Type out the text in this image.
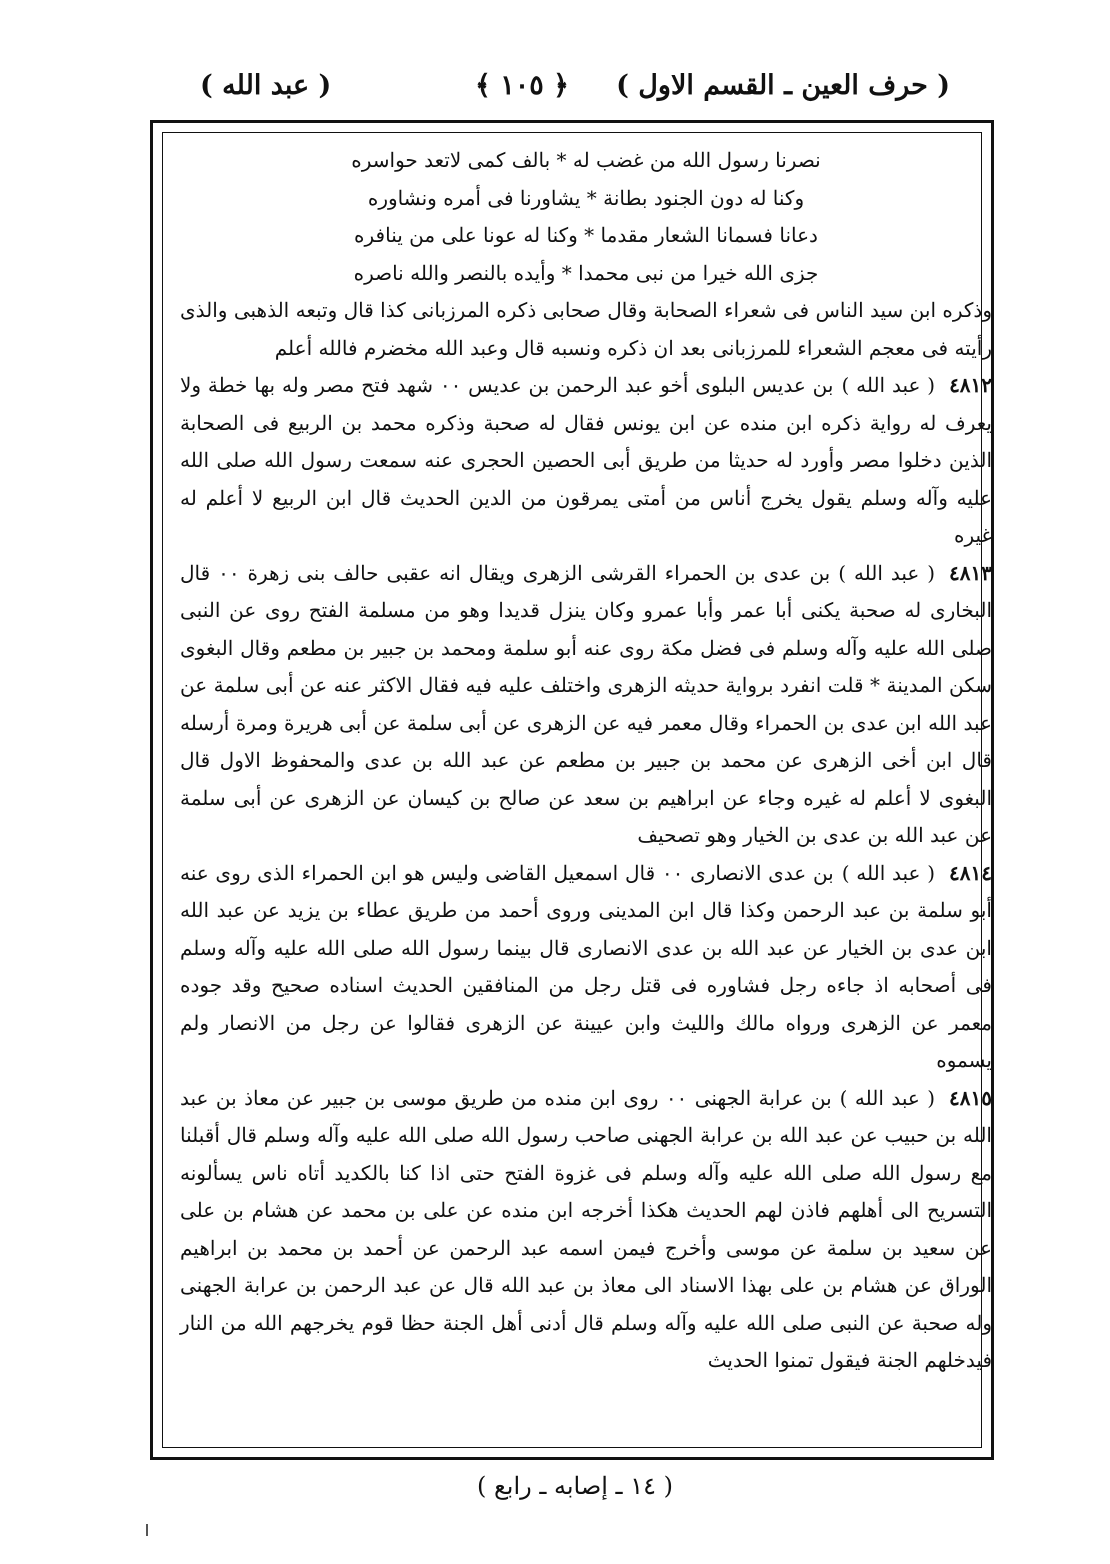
( حرف العين ـ القسم الاول )
﴿ ١٠٥ ﴾
( عبد الله )
نصرنا رسول الله من غضب له * بالف كمى لاتعد حواسره
وكنا له دون الجنود بطانة * يشاورنا فى أمره ونشاوره
دعانا فسمانا الشعار مقدما * وكنا له عونا على من ينافره
جزى الله خيرا من نبى محمدا * وأيده بالنصر والله ناصره
وذكره ابن سيد الناس فى شعراء الصحابة وقال صحابى ذكره المرزبانى كذا قال وتبعه الذهبى والذى رأيته فى معجم الشعراء للمرزبانى بعد ان ذكره ونسبه قال وعبد الله مخضرم فالله أعلم
٤٨١٢( عبد الله )بن عديس البلوى أخو عبد الرحمن بن عديس ٠٠ شهد فتح مصر وله بها خطة ولا يعرف له رواية ذكره ابن منده عن ابن يونس فقال له صحبة وذكره محمد بن الربيع فى الصحابة الذين دخلوا مصر وأورد له حديثا من طريق أبى الحصين الحجرى عنه سمعت رسول الله صلى الله عليه وآله وسلم يقول يخرج أناس من أمتى يمرقون من الدين الحديث قال ابن الربيع لا أعلم له غيره
٤٨١٣( عبد الله )بن عدى بن الحمراء القرشى الزهرى ويقال انه عقبى حالف بنى زهرة ٠٠ قال البخارى له صحبة يكنى أبا عمر وأبا عمرو وكان ينزل قديدا وهو من مسلمة الفتح روى عن النبى صلى الله عليه وآله وسلم فى فضل مكة روى عنه أبو سلمة ومحمد بن جبير بن مطعم وقال البغوى سكن المدينة * قلت انفرد برواية حديثه الزهرى واختلف عليه فيه فقال الاكثر عنه عن أبى سلمة عن عبد الله ابن عدى بن الحمراء وقال معمر فيه عن الزهرى عن أبى سلمة عن أبى هريرة ومرة أرسله قال ابن أخى الزهرى عن محمد بن جبير بن مطعم عن عبد الله بن عدى والمحفوظ الاول قال البغوى لا أعلم له غيره وجاء عن ابراهيم بن سعد عن صالح بن كيسان عن الزهرى عن أبى سلمة عن عبد الله بن عدى بن الخيار وهو تصحيف
٤٨١٤( عبد الله )بن عدى الانصارى ٠٠ قال اسمعيل القاضى وليس هو ابن الحمراء الذى روى عنه أبو سلمة بن عبد الرحمن وكذا قال ابن المدينى وروى أحمد من طريق عطاء بن يزيد عن عبد الله ابن عدى بن الخيار عن عبد الله بن عدى الانصارى قال بينما رسول الله صلى الله عليه وآله وسلم فى أصحابه اذ جاءه رجل فشاوره فى قتل رجل من المنافقين الحديث اسناده صحيح وقد جوده معمر عن الزهرى ورواه مالك والليث وابن عيينة عن الزهرى فقالوا عن رجل من الانصار ولم يسموه
٤٨١٥( عبد الله )بن عرابة الجهنى ٠٠ روى ابن منده من طريق موسى بن جبير عن معاذ بن عبد الله بن حبيب عن عبد الله بن عرابة الجهنى صاحب رسول الله صلى الله عليه وآله وسلم قال أقبلنا مع رسول الله صلى الله عليه وآله وسلم فى غزوة الفتح حتى اذا كنا بالكديد أتاه ناس يسألونه التسريح الى أهلهم فاذن لهم الحديث هكذا أخرجه ابن منده عن على بن محمد عن هشام بن على عن سعيد بن سلمة عن موسى وأخرج فيمن اسمه عبد الرحمن عن أحمد بن محمد بن ابراهيم الوراق عن هشام بن على بهذا الاسناد الى معاذ بن عبد الله قال عن عبد الرحمن بن عرابة الجهنى وله صحبة عن النبى صلى الله عليه وآله وسلم قال أدنى أهل الجنة حظا قوم يخرجهم الله من النار فيدخلهم الجنة فيقول تمنوا الحديث
( ١٤ ـ إصابه ـ رابع )
